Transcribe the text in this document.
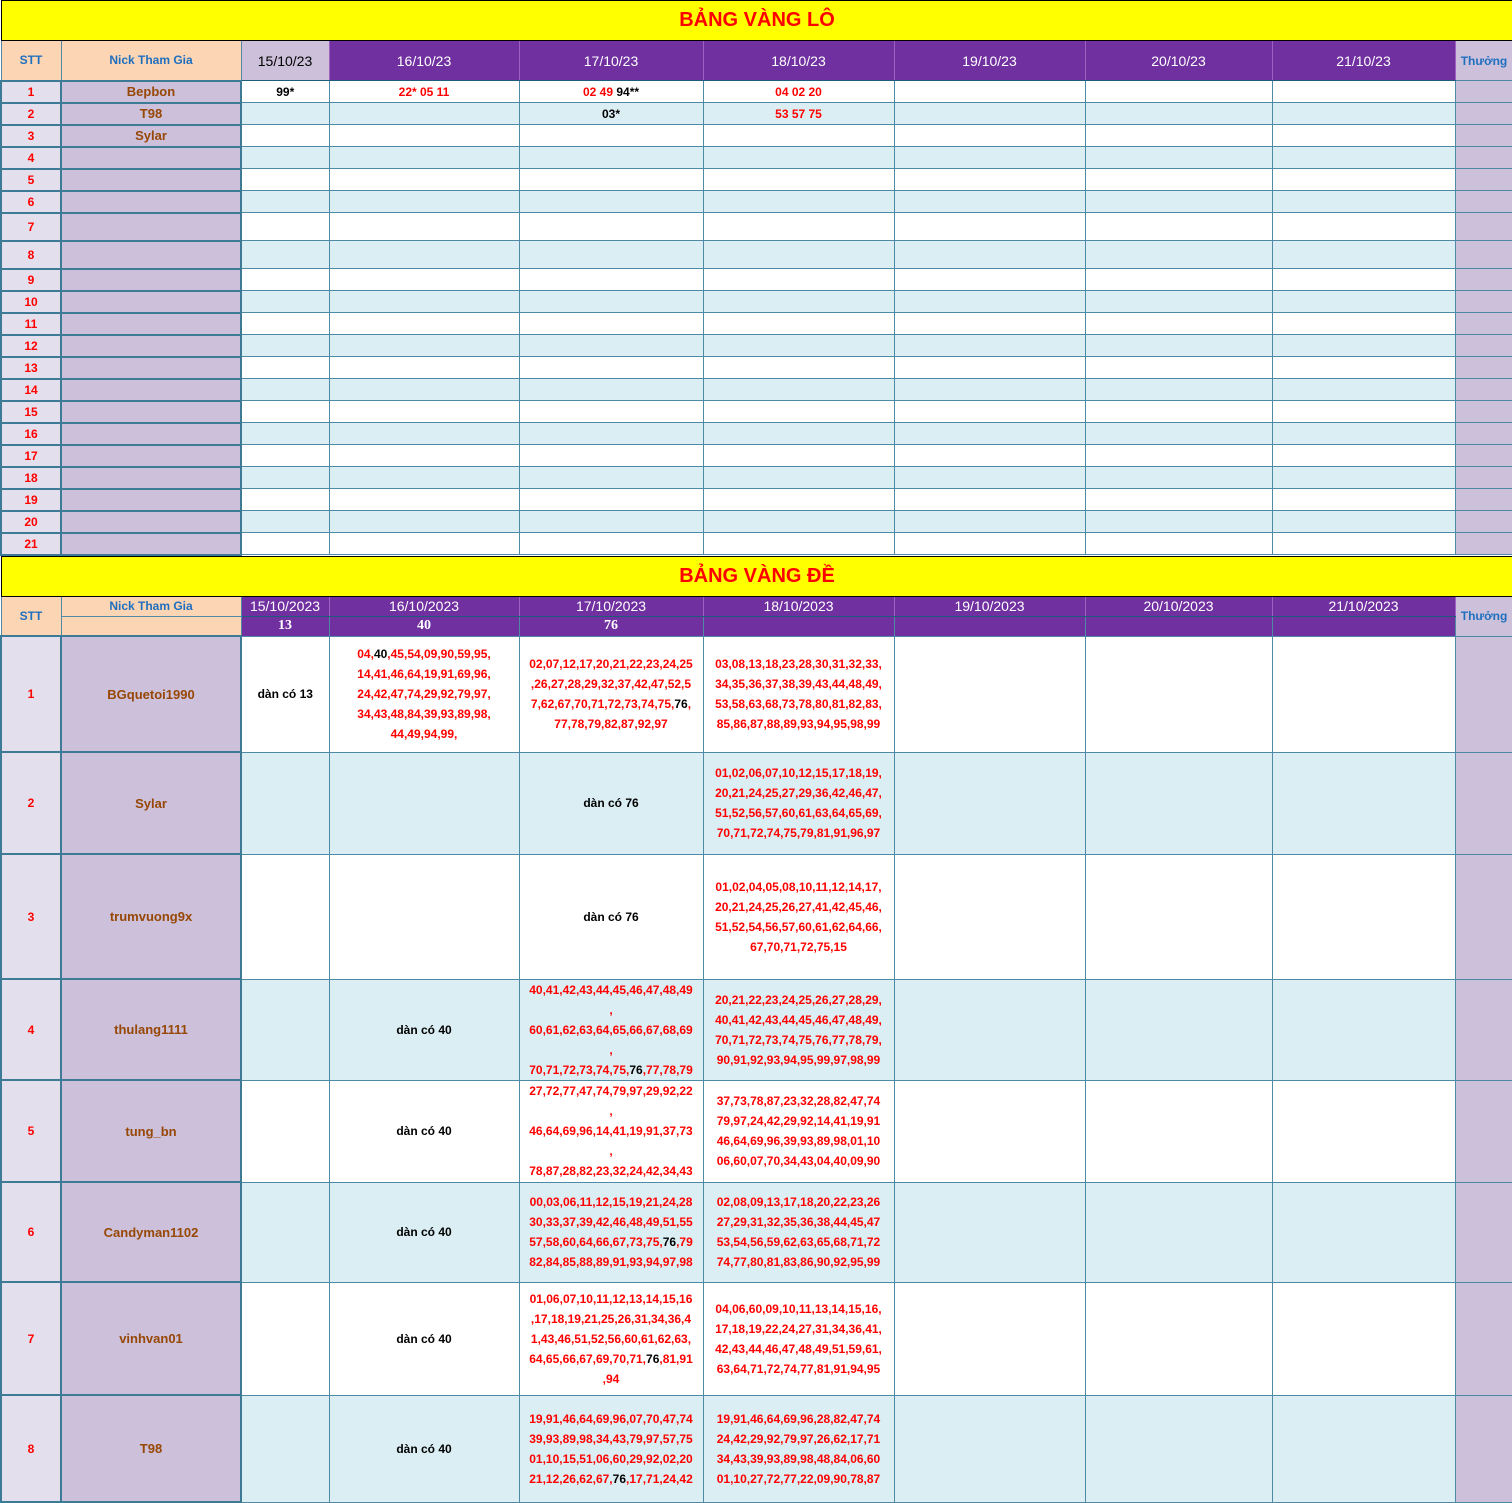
BẢNG VÀNG LÔ									
STT	Nick Tham Gia	15/10/23	16/10/23	17/10/23	18/10/23	19/10/23	20/10/23	21/10/23	Thưởng
1	Bepbon	99*	22* 05 11	02 49 94**	04 02 20				
2	T98			03*	53 57 75				
3	Sylar								
4									
5									
6									
7									
8									
9									
10									
11									
12									
13									
14									
15									
16									
17									
18									
19									
20									
21									
BẢNG VÀNG ĐỀ									
STT	Nick Tham Gia	15/10/2023	16/10/2023	17/10/2023	18/10/2023	19/10/2023	20/10/2023	21/10/2023	Thưởng
		13	40	76					
1	BGquetoi1990	dàn có 13	04,40,45,54,09,90,59,95,
14,41,46,64,19,91,69,96,
24,42,47,74,29,92,79,97,
34,43,48,84,39,93,89,98,
44,49,94,99,	02,07,12,17,20,21,22,23,24,25
,26,27,28,29,32,37,42,47,52,5
7,62,67,70,71,72,73,74,75,76,
77,78,79,82,87,92,97	03,08,13,18,23,28,30,31,32,33,
34,35,36,37,38,39,43,44,48,49,
53,58,63,68,73,78,80,81,82,83,
85,86,87,88,89,93,94,95,98,99				
2	Sylar			dàn có 76	01,02,06,07,10,12,15,17,18,19,
20,21,24,25,27,29,36,42,46,47,
51,52,56,57,60,61,63,64,65,69,
70,71,72,74,75,79,81,91,96,97				
3	trumvuong9x			dàn có 76	01,02,04,05,08,10,11,12,14,17,
20,21,24,25,26,27,41,42,45,46,
51,52,54,56,57,60,61,62,64,66,
67,70,71,72,75,15				
4	thulang1111		dàn có 40	40,41,42,43,44,45,46,47,48,49
,
60,61,62,63,64,65,66,67,68,69
,
70,71,72,73,74,75,76,77,78,79	20,21,22,23,24,25,26,27,28,29,
40,41,42,43,44,45,46,47,48,49,
70,71,72,73,74,75,76,77,78,79,
90,91,92,93,94,95,99,97,98,99				
5	tung_bn		dàn có 40	27,72,77,47,74,79,97,29,92,22
,
46,64,69,96,14,41,19,91,37,73
,
78,87,28,82,23,32,24,42,34,43	37,73,78,87,23,32,28,82,47,74
79,97,24,42,29,92,14,41,19,91
46,64,69,96,39,93,89,98,01,10
06,60,07,70,34,43,04,40,09,90				
6	Candyman1102		dàn có 40	00,03,06,11,12,15,19,21,24,28
30,33,37,39,42,46,48,49,51,55
57,58,60,64,66,67,73,75,76,79
82,84,85,88,89,91,93,94,97,98	02,08,09,13,17,18,20,22,23,26
27,29,31,32,35,36,38,44,45,47
53,54,56,59,62,63,65,68,71,72
74,77,80,81,83,86,90,92,95,99				
7	vinhvan01		dàn có 40	01,06,07,10,11,12,13,14,15,16
,17,18,19,21,25,26,31,34,36,4
1,43,46,51,52,56,60,61,62,63,
64,65,66,67,69,70,71,76,81,91
,94	04,06,60,09,10,11,13,14,15,16,
17,18,19,22,24,27,31,34,36,41,
42,43,44,46,47,48,49,51,59,61,
63,64,71,72,74,77,81,91,94,95				
8	T98		dàn có 40	19,91,46,64,69,96,07,70,47,74
39,93,89,98,34,43,79,97,57,75
01,10,15,51,06,60,29,92,02,20
21,12,26,62,67,76,17,71,24,42	19,91,46,64,69,96,28,82,47,74
24,42,29,92,79,97,26,62,17,71
34,43,39,93,89,98,48,84,06,60
01,10,27,72,77,22,09,90,78,87				
